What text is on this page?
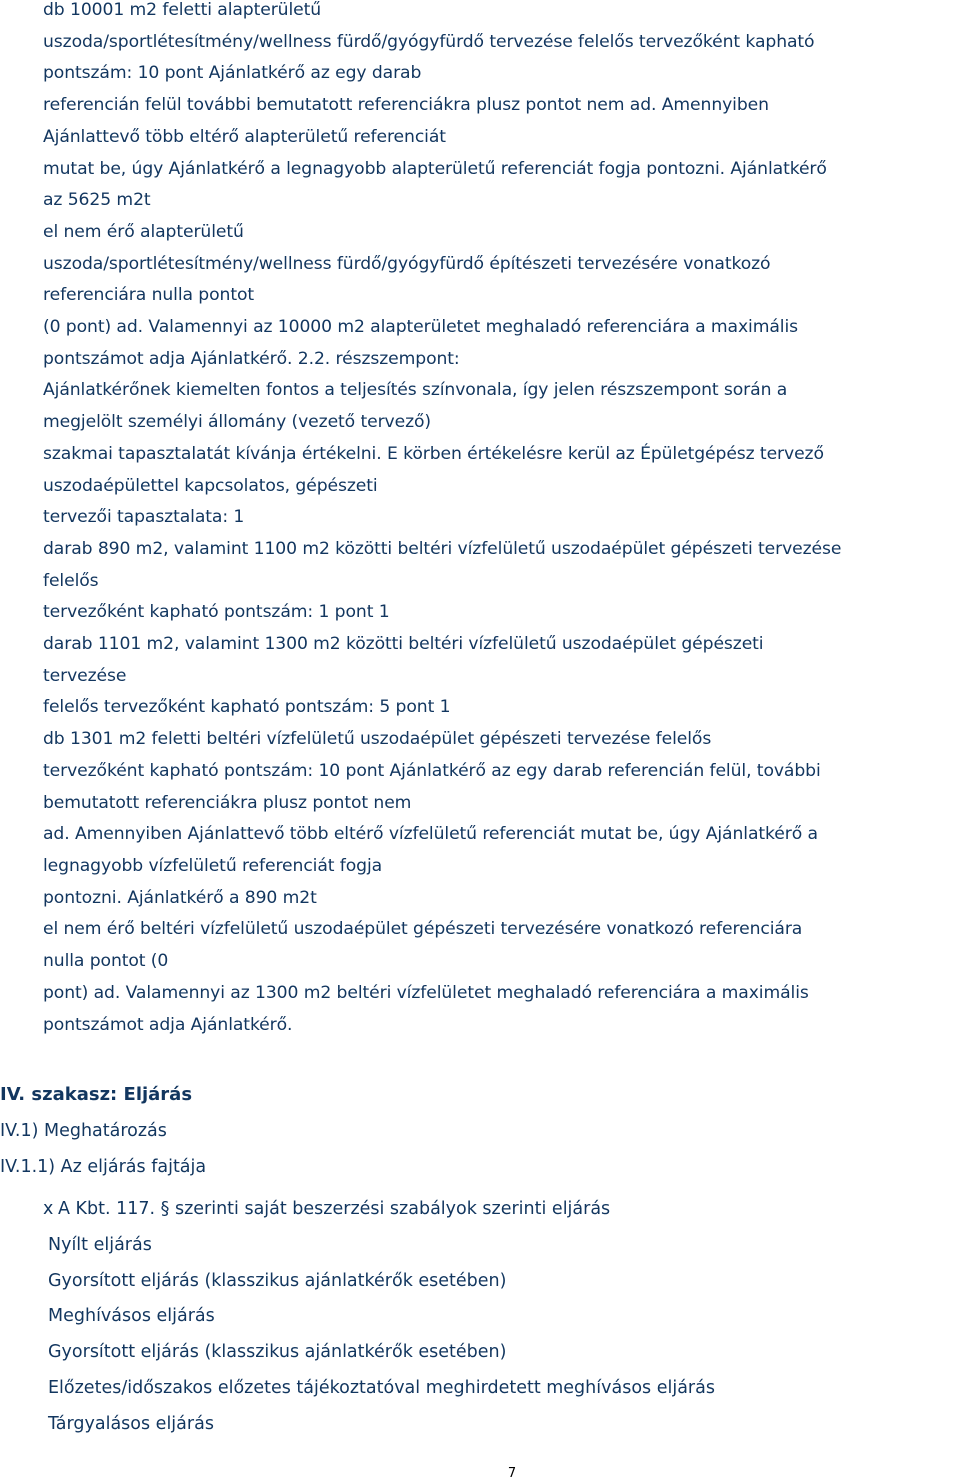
db 10001 m2 feletti alapterületű
uszoda/sportlétesítmény/wellness fürdő/gyógyfürdő tervezése felelős tervezőként kapható
pontszám: 10 pont Ajánlatkérő az egy darab
referencián felül további bemutatott referenciákra plusz pontot nem ad. Amennyiben
Ajánlattevő több eltérő alapterületű referenciát
mutat be, úgy Ajánlatkérő a legnagyobb alapterületű referenciát fogja pontozni. Ajánlatkérő
az 5625 m2t
el nem érő alapterületű
uszoda/sportlétesítmény/wellness fürdő/gyógyfürdő építészeti tervezésére vonatkozó
referenciára nulla pontot
(0 pont) ad. Valamennyi az 10000 m2 alapterületet meghaladó referenciára a maximális
pontszámot adja Ajánlatkérő. 2.2. részszempont:
Ajánlatkérőnek kiemelten fontos a teljesítés színvonala, így jelen részszempont során a
megjelölt személyi állomány (vezető tervező)
szakmai tapasztalatát kívánja értékelni. E körben értékelésre kerül az Épületgépész tervező
uszodaépülettel kapcsolatos, gépészeti
tervezői tapasztalata: 1
darab 890 m2, valamint 1100 m2 közötti beltéri vízfelületű uszodaépület gépészeti tervezése
felelős
tervezőként kapható pontszám: 1 pont 1
darab 1101 m2, valamint 1300 m2 közötti beltéri vízfelületű uszodaépület gépészeti
tervezése
felelős tervezőként kapható pontszám: 5 pont 1
db 1301 m2 feletti beltéri vízfelületű uszodaépület gépészeti tervezése felelős
tervezőként kapható pontszám: 10 pont Ajánlatkérő az egy darab referencián felül, további
bemutatott referenciákra plusz pontot nem
ad. Amennyiben Ajánlattevő több eltérő vízfelületű referenciát mutat be, úgy Ajánlatkérő a
legnagyobb vízfelületű referenciát fogja
pontozni. Ajánlatkérő a 890 m2t
el nem érő beltéri vízfelületű uszodaépület gépészeti tervezésére vonatkozó referenciára
nulla pontot (0
pont) ad. Valamennyi az 1300 m2 beltéri vízfelületet meghaladó referenciára a maximális
pontszámot adja Ajánlatkérő.
IV. szakasz: Eljárás
IV.1) Meghatározás
IV.1.1) Az eljárás fajtája
x A Kbt. 117. § szerinti saját beszerzési szabályok szerinti eljárás
Nyílt eljárás
Gyorsított eljárás (klasszikus ajánlatkérők esetében)
Meghívásos eljárás
Gyorsított eljárás (klasszikus ajánlatkérők esetében)
Előzetes/időszakos előzetes tájékoztatóval meghirdetett meghívásos eljárás
Tárgyalásos eljárás
7
